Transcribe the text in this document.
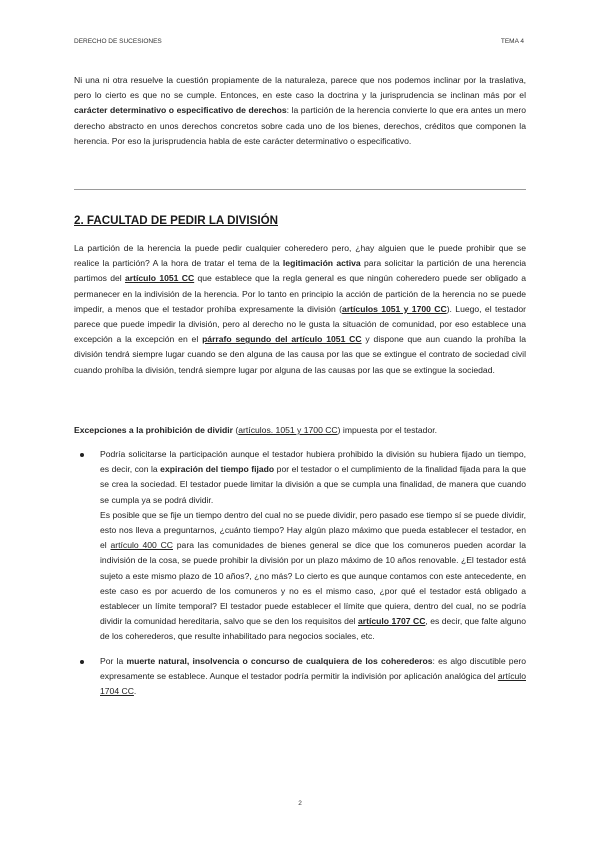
DERECHO DE SUCESIONES	TEMA 4

Ni una ni otra resuelve la cuestión propiamente de la naturaleza, parece que nos podemos inclinar por la traslativa, pero lo cierto es que no se cumple. Entonces, en este caso la doctrina y la jurisprudencia se inclinan más por el carácter determinativo o especificativo de derechos: la partición de la herencia convierte lo que era antes un mero derecho abstracto en unos derechos concretos sobre cada uno de los bienes, derechos, créditos que componen la herencia. Por eso la jurisprudencia habla de este carácter determinativo o especificativo.

2. FACULTAD DE PEDIR LA DIVISIÓN

La partición de la herencia la puede pedir cualquier coheredero pero, ¿hay alguien que le puede prohibir que se realice la partición? A la hora de tratar el tema de la legitimación activa para solicitar la partición de una herencia partimos del artículo 1051 CC que establece que la regla general es que ningún coheredero puede ser obligado a permanecer en la indivisión de la herencia. Por lo tanto en principio la acción de partición de la herencia no se puede impedir, a menos que el testador prohíba expresamente la división (artículos 1051 y 1700 CC). Luego, el testador parece que puede impedir la división, pero al derecho no le gusta la situación de comunidad, por eso establece una excepción a la excepción en el párrafo segundo del artículo 1051 CC y dispone que aun cuando la prohíba la división tendrá siempre lugar cuando se den alguna de las causa por las que se extingue el contrato de sociedad civil cuando prohíba la división, tendrá siempre lugar por alguna de las causas por las que se extingue la sociedad.

Excepciones a la prohibición de dividir (artículos. 1051 y 1700 CC) impuesta por el testador.

Podría solicitarse la participación aunque el testador hubiera prohibido la división su hubiera fijado un tiempo, es decir, con la expiración del tiempo fijado por el testador o el cumplimiento de la finalidad fijada para la que se crea la sociedad. El testador puede limitar la división a que se cumpla una finalidad, de manera que cuando se cumpla ya se podrá dividir.
Es posible que se fije un tiempo dentro del cual no se puede dividir, pero pasado ese tiempo sí se puede dividir, esto nos lleva a preguntarnos, ¿cuánto tiempo? Hay algún plazo máximo que pueda establecer el testador, en el artículo 400 CC para las comunidades de bienes general se dice que los comuneros pueden acordar la indivisión de la cosa, se puede prohibir la división por un plazo máximo de 10 años renovable. ¿El testador está sujeto a este mismo plazo de 10 años?, ¿no más? Lo cierto es que aunque contamos con este antecedente, en este caso es por acuerdo de los comuneros y no es el mismo caso, ¿por qué el testador está obligado a establecer un límite temporal? El testador puede establecer el límite que quiera, dentro del cual, no se podría dividir la comunidad hereditaria, salvo que se den los requisitos del artículo 1707 CC, es decir, que falte alguno de los coherederos, que resulte inhabilitado para negocios sociales, etc.
Por la muerte natural, insolvencia o concurso de cualquiera de los coherederos: es algo discutible pero expresamente se establece. Aunque el testador podría permitir la indivisión por aplicación analógica del artículo 1704 CC.
2
